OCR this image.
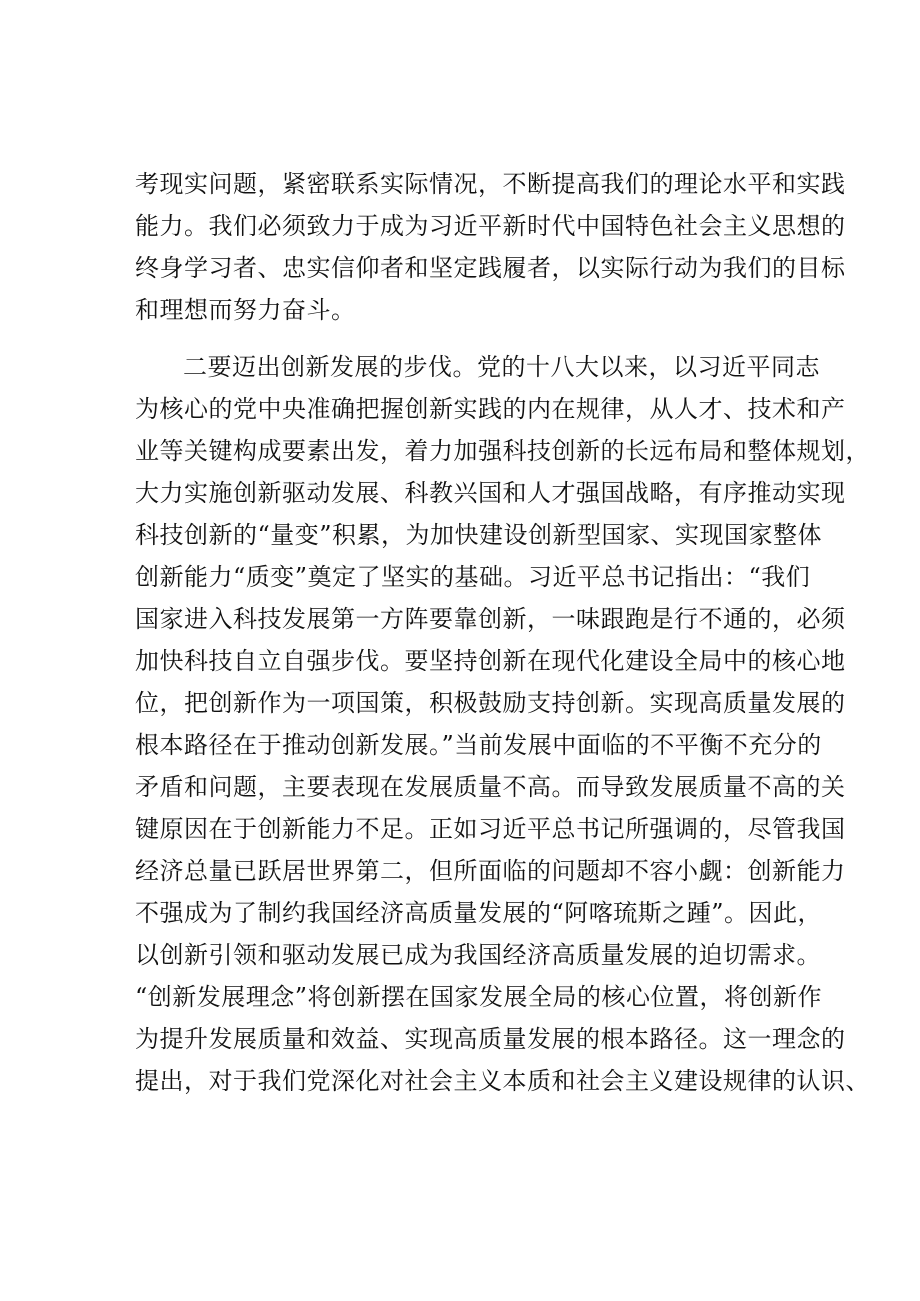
考现实问题，紧密联系实际情况，不断提高我们的理论水平和实践
能力。我们必须致力于成为习近平新时代中国特色社会主义思想的
终身学习者、忠实信仰者和坚定践履者，以实际行动为我们的目标
和理想而努力奋斗。
二要迈出创新发展的步伐。党的十八大以来，以习近平同志
为核心的党中央准确把握创新实践的内在规律，从人才、技术和产
业等关键构成要素出发，着力加强科技创新的长远布局和整体规划，
大力实施创新驱动发展、科教兴国和人才强国战略，有序推动实现
科技创新的“量变”积累，为加快建设创新型国家、实现国家整体
创新能力“质变”奠定了坚实的基础。习近平总书记指出：“我们
国家进入科技发展第一方阵要靠创新，一味跟跑是行不通的，必须
加快科技自立自强步伐。要坚持创新在现代化建设全局中的核心地
位，把创新作为一项国策，积极鼓励支持创新。实现高质量发展的
根本路径在于推动创新发展。”当前发展中面临的不平衡不充分的
矛盾和问题，主要表现在发展质量不高。而导致发展质量不高的关
键原因在于创新能力不足。正如习近平总书记所强调的，尽管我国
经济总量已跃居世界第二，但所面临的问题却不容小觑：创新能力
不强成为了制约我国经济高质量发展的“阿喀琉斯之踵”。因此，
以创新引领和驱动发展已成为我国经济高质量发展的迫切需求。
“创新发展理念”将创新摆在国家发展全局的核心位置，将创新作
为提升发展质量和效益、实现高质量发展的根本路径。这一理念的
提出，对于我们党深化对社会主义本质和社会主义建设规律的认识、
